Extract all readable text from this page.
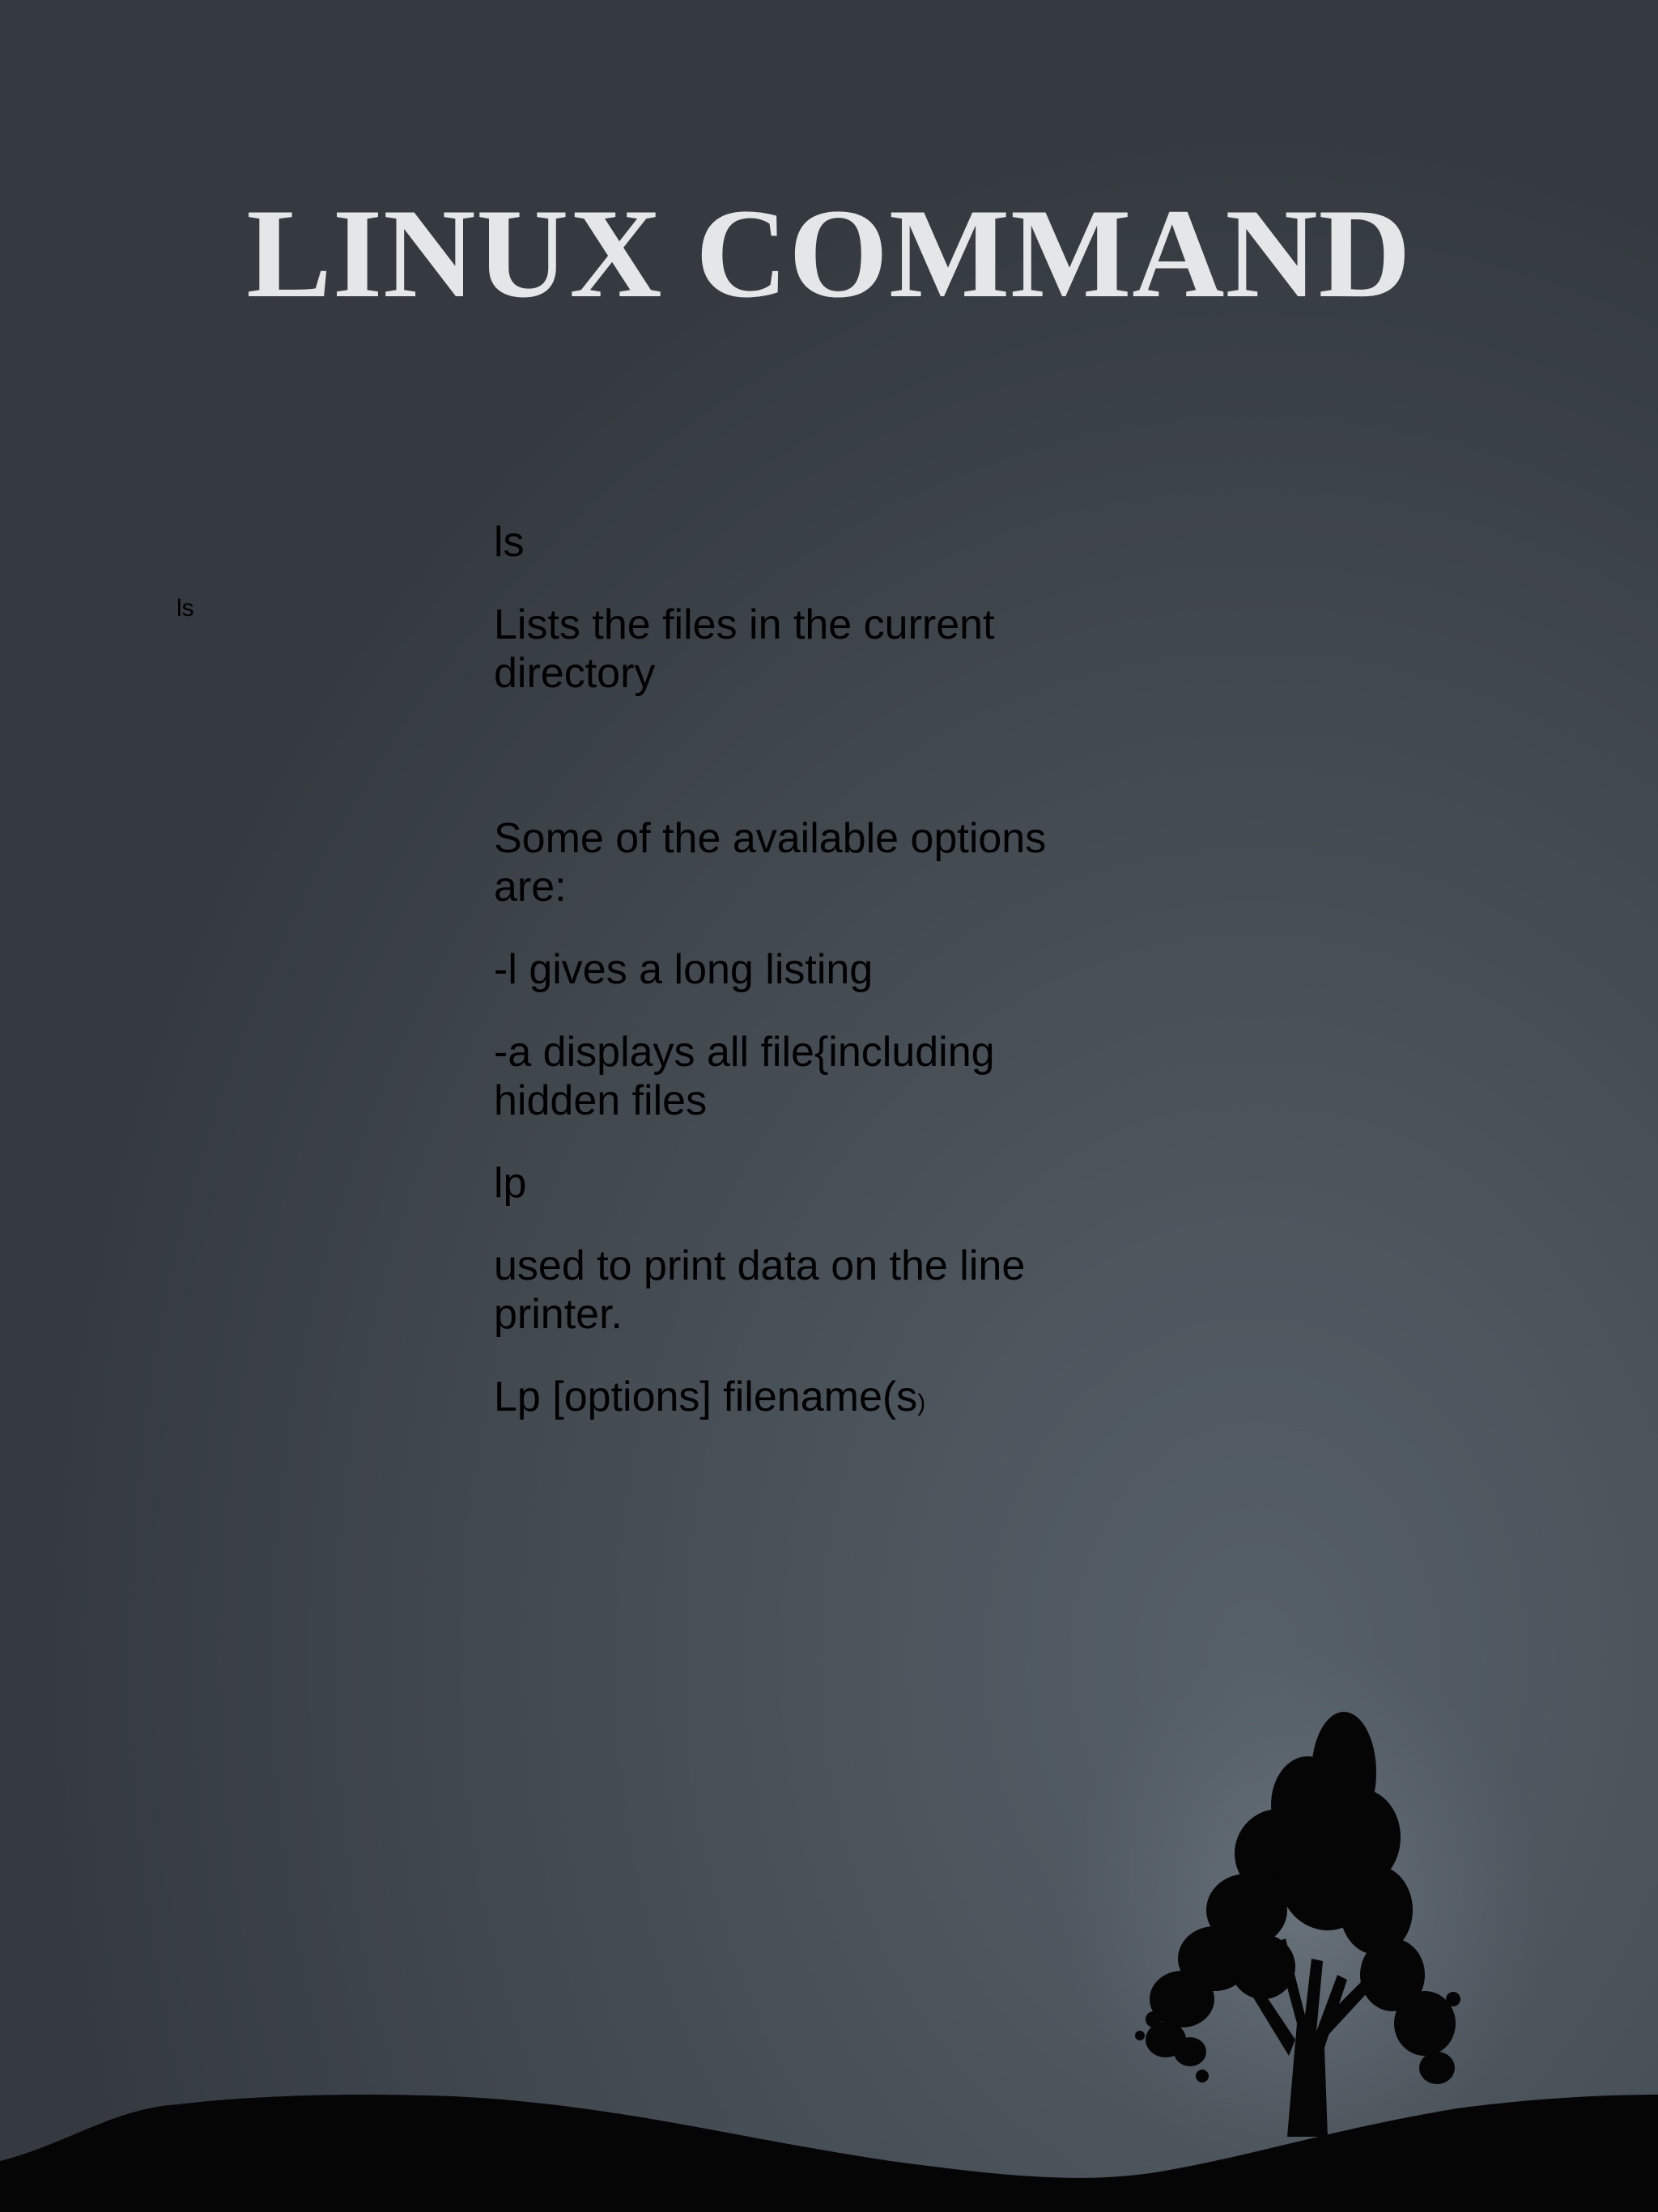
LINUX COMMAND
ls

ls

Lists the files in the current directory

Some of the available options are:

-l gives a long listing

-a displays all file{including hidden files

lp

used to print data on the line printer.

Lp [options] filename(s)
